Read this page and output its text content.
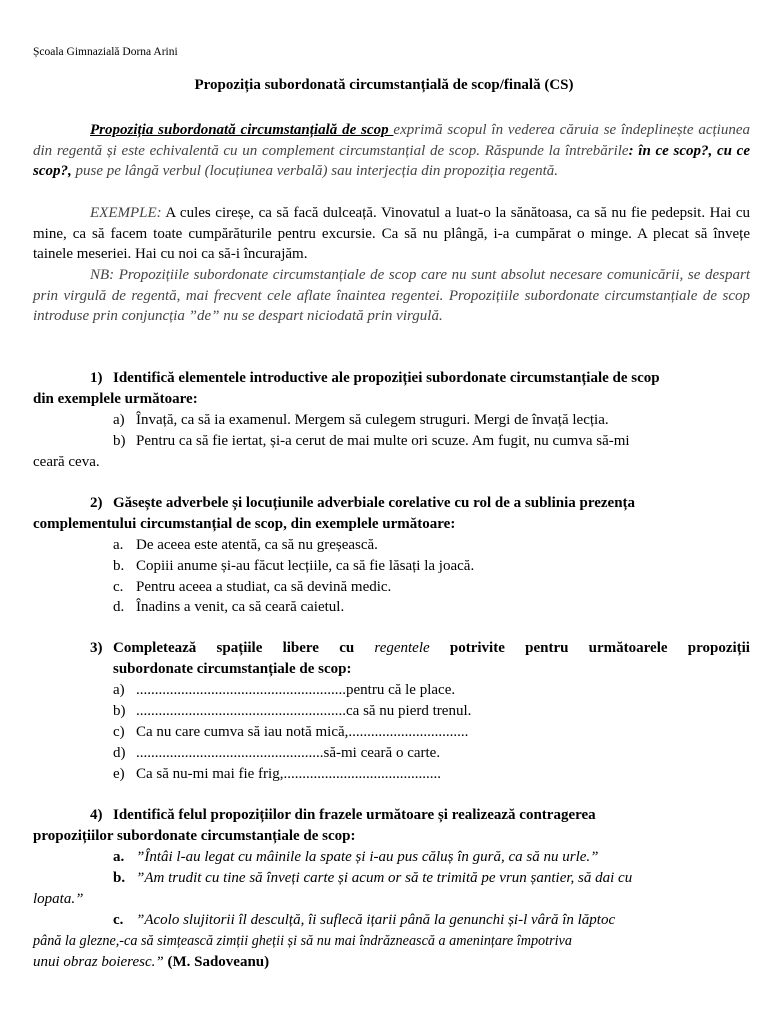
Școala Gimnazială Dorna Arini
Propoziția subordonată circumstanțială de scop/finală (CS)
Propoziția subordonată circumstanțială de scop exprimă scopul în vederea căruia se îndeplinește acțiunea din regentă și este echivalentă cu un complement circumstanțial de scop. Răspunde la întrebările: în ce scop?, cu ce scop?, puse pe lângă verbul (locuțiunea verbală) sau interjecția din propoziția regentă.
EXEMPLE: A cules cireșe, ca să facă dulceață. Vinovatul a luat-o la sănătoasa, ca să nu fie pedepsit. Hai cu mine, ca să facem toate cumpărăturile pentru excursie. Ca să nu plângă, i-a cumpărat o minge. A plecat să învețe tainele meseriei. Hai cu noi ca să-i încurajăm.
NB: Propozițiile subordonate circumstanțiale de scop care nu sunt absolut necesare comunicării, se despart prin virgulă de regentă, mai frecvent cele aflate înaintea regentei. Propozițiile subordonate circumstanțiale de scop introduse prin conjuncția ”de” nu se despart niciodată prin virgulă.
1) Identifică elementele introductive ale propoziției subordonate circumstanțiale de scop
din exemplele următoare:
a) Învață, ca să ia examenul. Mergem să culegem struguri. Mergi de învață lecția.
b) Pentru ca să fie iertat, și-a cerut de mai multe ori scuze. Am fugit, nu cumva să-mi
ceară ceva.
2) Găsește adverbele și locuțiunile adverbiale corelative cu rol de a sublinia prezența
complementului circumstanțial de scop, din exemplele următoare:
a. De aceea este atentă, ca să nu greșească.
b. Copiii anume și-au făcut lecțiile, ca să fie lăsați la joacă.
c. Pentru aceea a studiat, ca să devină medic.
d. Înadins a venit, ca să ceară caietul.
3) Completează spațiile libere cu regentele potrivite pentru următoarele propoziții
subordonate circumstanțiale de scop:
a) ........................................................pentru că le place.
b) ........................................................ca să nu pierd trenul.
c) Ca nu care cumva să iau notă mică,................................
d) ..................................................să-mi ceară o carte.
e) Ca să nu-mi mai fie frig,..........................................
4) Identifică felul propozițiilor din frazele următoare și realizează contragerea
propozițiilor subordonate circumstanțiale de scop:
a. ”Întâi l-au legat cu mâinile la spate și i-au pus căluș în gură, ca să nu urle.”
b. ”Am trudit cu tine să înveți carte și acum or să te trimită pe vrun șantier, să dai cu
lopata.”
c. ”Acolo slujitorii îl desculță, îi suflecă ițarii până la genunchi și-l vâră în lăptoc
până la glezne,-ca să simțească zimții gheții și să nu mai îndrăznească a amenințare împotriva
unui obraz boieresc.” (M. Sadoveanu)
